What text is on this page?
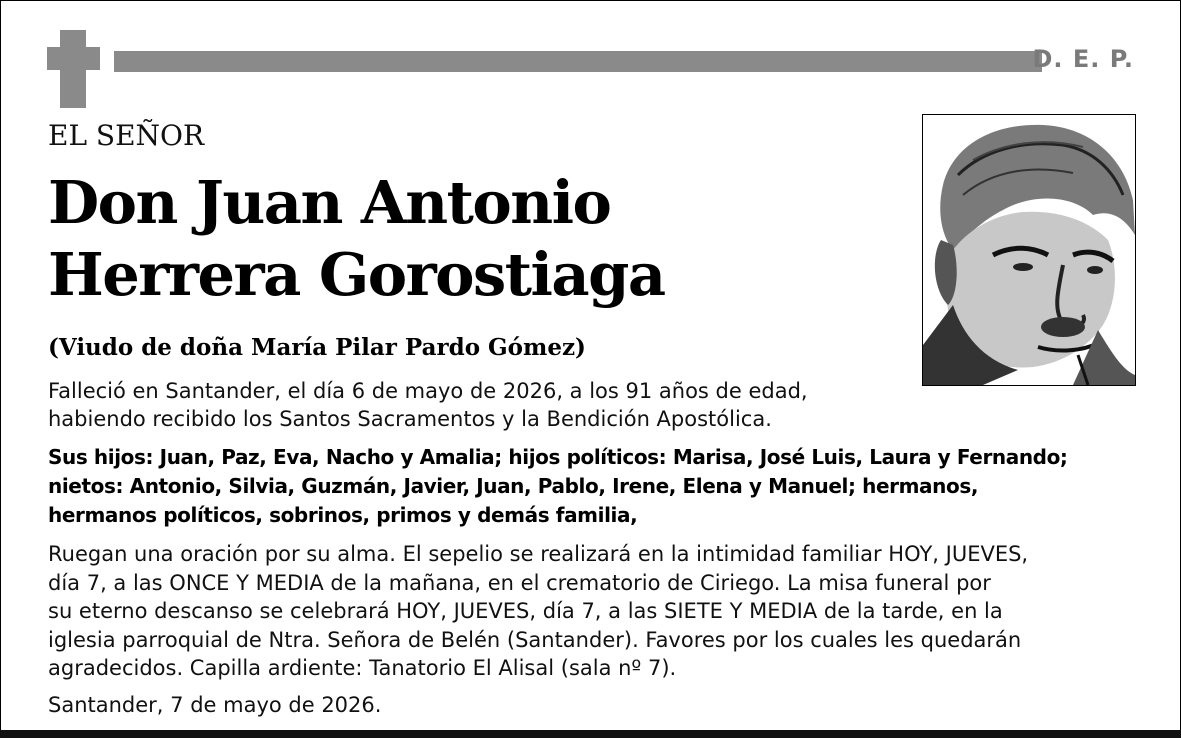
D. E. P.
EL SEÑOR
Don Juan Antonio
Herrera Gorostiaga
(Viudo de doña María Pilar Pardo Gómez)
Falleció en Santander, el día 6 de mayo de 2026, a los 91 años de edad,
habiendo recibido los Santos Sacramentos y la Bendición Apostólica.
Sus hijos: Juan, Paz, Eva, Nacho y Amalia; hijos políticos: Marisa, José Luis, Laura y Fernando;
nietos: Antonio, Silvia, Guzmán, Javier, Juan, Pablo, Irene, Elena y Manuel; hermanos,
hermanos políticos, sobrinos, primos y demás familia,
Ruegan una oración por su alma. El sepelio se realizará en la intimidad familiar HOY, JUEVES,
día 7, a las ONCE Y MEDIA de la mañana, en el crematorio de Ciriego. La misa funeral por
su eterno descanso se celebrará HOY, JUEVES, día 7, a las SIETE Y MEDIA de la tarde, en la
iglesia parroquial de Ntra. Señora de Belén (Santander). Favores por los cuales les quedarán
agradecidos. Capilla ardiente: Tanatorio El Alisal (sala nº 7).
Santander, 7 de mayo de 2026.
